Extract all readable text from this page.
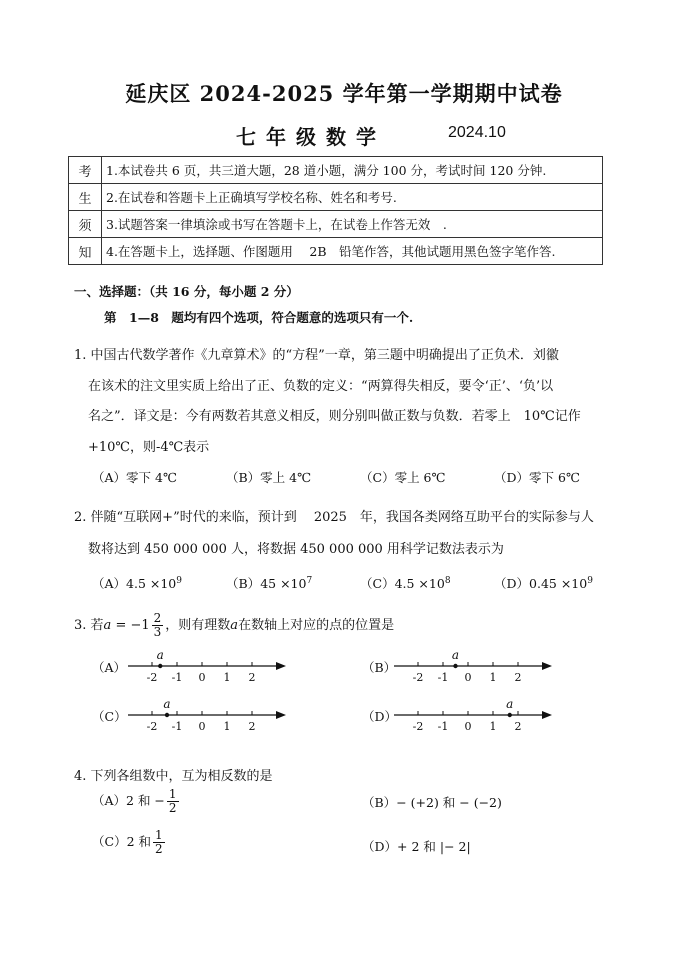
延庆区 2024-2025 学年第一学期期中试卷
七年级数学	2024.10
考	1.本试卷共 6 页，共三道大题，28 道小题，满分 100 分，考试时间 120 分钟.
生	2.在试卷和答题卡上正确填写学校名称、姓名和考号.
须	3.试题答案一律填涂或书写在答题卡上，在试卷上作答无效　.
知	4.在答题卡上，选择题、作图题用　 2B　铅笔作答，其他试题用黑色签字笔作答.
一、选择题：（共 16 分，每小题 2 分）
第　1—8　题均有四个选项，符合题意的选项只有一个.
1. 中国古代数学著作《九章算术》的“方程”一章，第三题中明确提出了正负术．刘徽
在该术的注文里实质上给出了正、负数的定义：“两算得失相反，要令‘正’、‘负’以
名之”．译文是：今有两数若其意义相反，则分别叫做正数与负数．若零上　10℃记作
+10℃，则-4℃表示
（A）零下 4℃	（B）零上 4℃	（C）零上 6℃	（D）零下 6℃
2. 伴随“互联网+”时代的来临，预计到　 2025　年，我国各类网络互助平台的实际参与人
数将达到 450 000 000 人，将数据 450 000 000 用科学记数法表示为
$(A)4.5 \times 10^9$	$(B)45 \times 10^7$	$(C)4.5 \times 10^8$	$(D)0.45 \times 10^9$
3. 若$a = -1 \frac{2}{3}$ ，则有理数a在数轴上对应的点的位置是
（A）	（B）
（C）	（D）
-2 -1 0 1 2
a
-2 -1 0 1 2
a
-2 -1 0 1 2
a
-2 -1 0 1 2
a
4. 下列各组数中，互为相反数的是
（A）2 和 − $\frac{1}{2}$	（B）− (+2) 和 − (−2)
（C）2 和 $\frac{1}{2}$	（D）+ 2 和 |− 2|
